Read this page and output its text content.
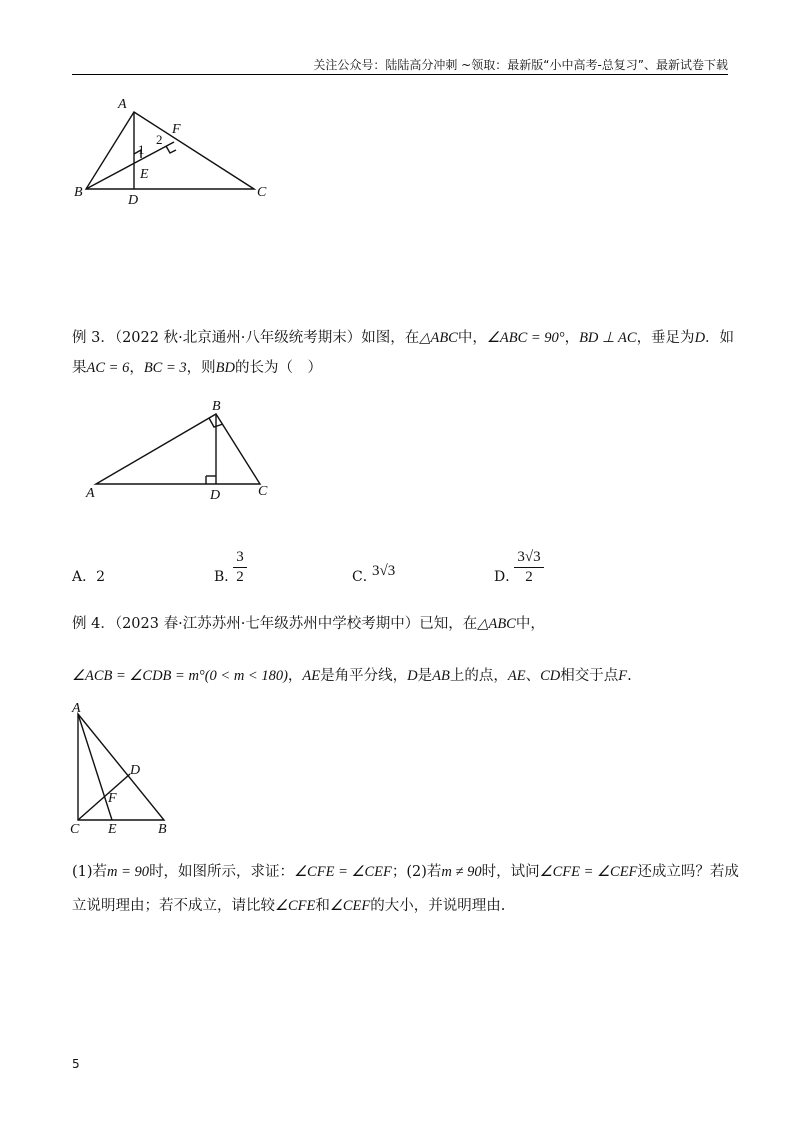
关注公众号：陆陆高分冲刺 ~领取：最新版“小中高考-总复习”、最新试卷下载
A
B	C
D
E
F
1
2
例 3．（2022 秋·北京通州·八年级统考期末）如图，在△ABC中，∠ABC = 90°，BD ⊥ AC，垂足为D．如
果AC = 6，BC = 3，则BD的长为（　）
B
A	D	C
A．2	B．
3
2	C．
3√3	D．
3√3
2
例 4．（2023 春·江苏苏州·七年级苏州中学校考期中）已知，在△ABC中，
∠ACB = ∠CDB = m°(0 < m < 180)，AE是角平分线，D是AB上的点，AE、CD相交于点F.
A
C E	B
D
F
(1)若m = 90时，如图所示，求证：∠CFE = ∠CEF；(2)若m ≠ 90时，试问∠CFE = ∠CEF还成立吗？若成
立说明理由；若不成立，请比较∠CFE和∠CEF的大小，并说明理由.
5
